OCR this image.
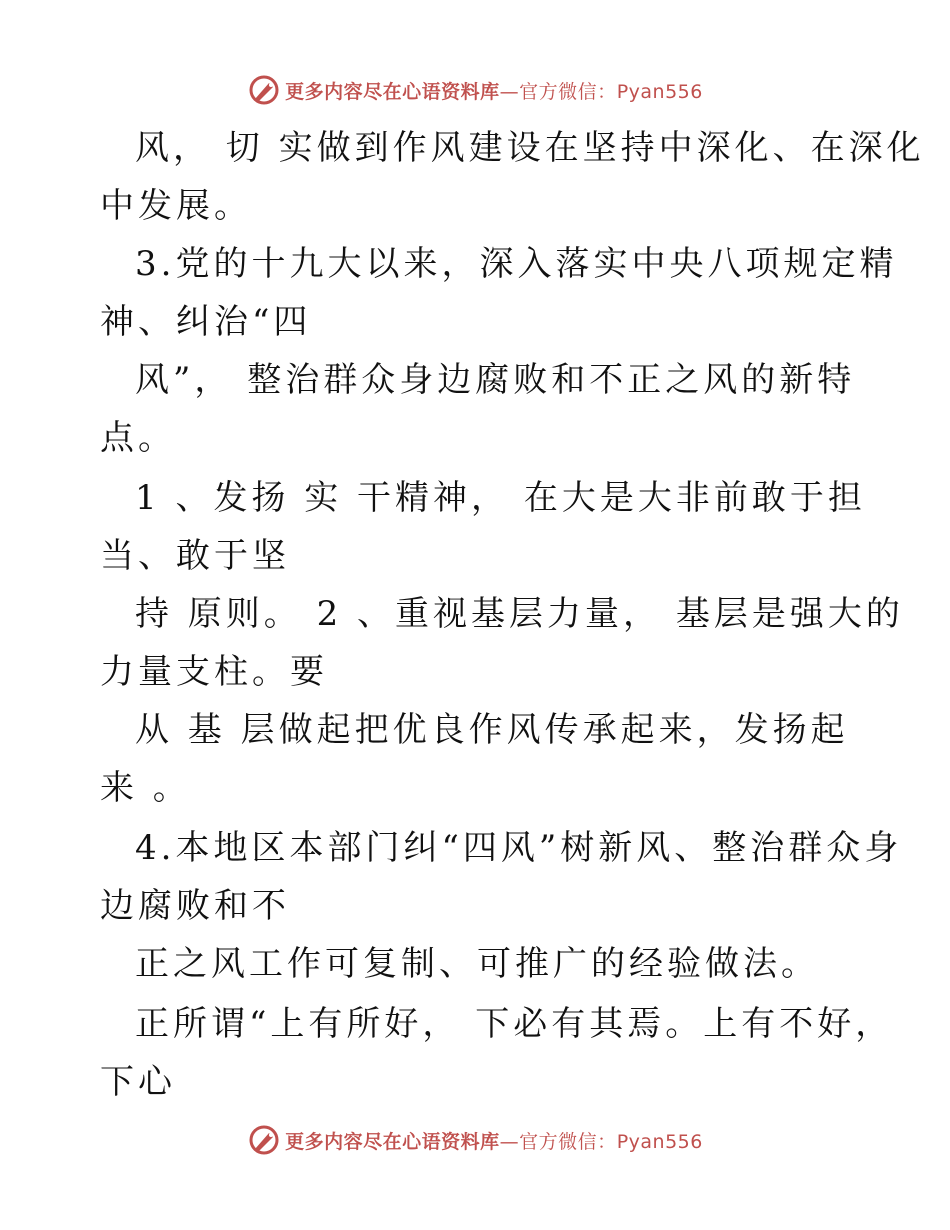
更多内容尽在心语资料库—官方微信：Pyan556
风， 切 实做到作风建设在坚持中深化、在深化
中发展。
3.党的十九大以来，深入落实中央八项规定精
神、纠治“四
风”， 整治群众身边腐败和不正之风的新特
点。
1 、发扬 实 干精神， 在大是大非前敢于担
当、敢于坚
持 原则。 2 、重视基层力量， 基层是强大的
力量支柱。要
从 基 层做起把优良作风传承起来，发扬起
来 。
4.本地区本部门纠“四风”树新风、整治群众身
边腐败和不
正之风工作可复制、可推广的经验做法。
正所谓“上有所好， 下必有其焉。上有不好，
下心
更多内容尽在心语资料库—官方微信：Pyan556
